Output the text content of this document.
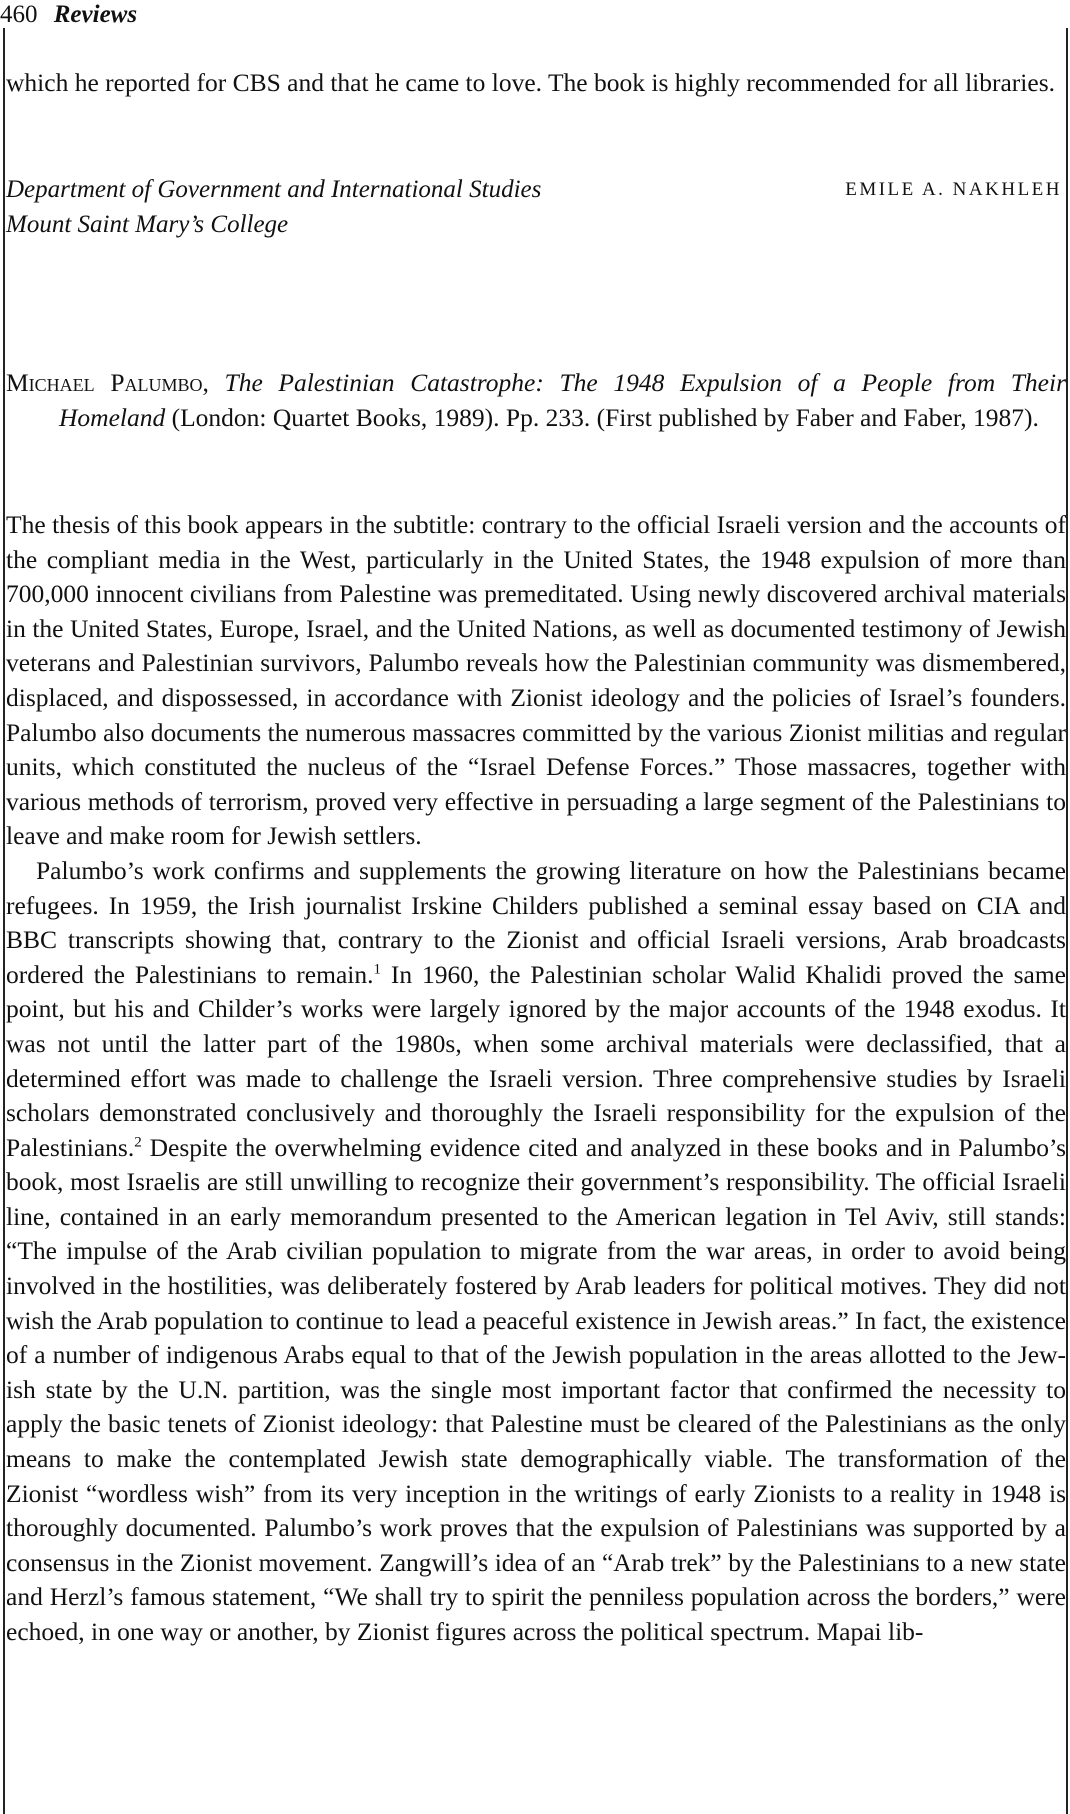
460 Reviews

which he reported for CBS and that he came to love. The book is highly recommended for all libraries.

Department of Government and International Studies
Mount Saint Mary’s College
EMILE A. NAKHLEH

Michael Palumbo, The Palestinian Catastrophe: The 1948 Expulsion of a People from Their Homeland (London: Quartet Books, 1989). Pp. 233. (First published by Faber and Faber, 1987).

The thesis of this book appears in the subtitle: contrary to the official Israeli version and the accounts of the compliant media in the West, particularly in the United States, the 1948 expulsion of more than 700,000 innocent civilians from Palestine was premeditated. Using newly discovered archival materials in the United States, Europe, Israel, and the United Nations, as well as documented testimony of Jewish veterans and Palestinian survivors, Palumbo reveals how the Palestinian community was dismembered, displaced, and dispossessed, in accordance with Zionist ideology and the policies of Israel’s founders. Palumbo also documents the numerous massacres committed by the various Zionist militias and regular units, which constituted the nucleus of the “Israel Defense Forces.” Those massacres, together with various methods of terrorism, proved very effective in persuading a large segment of the Palestinians to leave and make room for Jewish settlers.

Palumbo’s work confirms and supplements the growing literature on how the Palestinians became refugees. In 1959, the Irish journalist Irskine Childers published a seminal essay based on CIA and BBC transcripts showing that, contrary to the Zionist and official Israeli versions, Arab broadcasts ordered the Palestinians to remain.$^1$ In 1960, the Palestinian scholar Walid Khalidi proved the same point, but his and Childer’s works were largely ignored by the major accounts of the 1948 exodus. It was not until the latter part of the 1980s, when some archival materials were declassified, that a determined effort was made to challenge the Israeli version. Three comprehensive studies by Israeli scholars demonstrated conclusively and thoroughly the Israeli responsibility for the expulsion of the Palestinians.$^2$ Despite the overwhelming evidence cited and analyzed in these books and in Palumbo’s book, most Israelis are still unwilling to recognize their government’s responsibility. The official Israeli line, contained in an early memorandum presented to the American legation in Tel Aviv, still stands: “The impulse of the Arab civilian population to migrate from the war areas, in order to avoid being involved in the hostilities, was deliberately fostered by Arab leaders for political motives. They did not wish the Arab population to continue to lead a peaceful existence in Jewish areas.” In fact, the existence of a number of indigenous Arabs equal to that of the Jewish population in the areas allotted to the Jewish state by the U.N. partition, was the single most important factor that confirmed the necessity to apply the basic tenets of Zionist ideology: that Palestine must be cleared of the Palestinians as the only means to make the contemplated Jewish state demographically viable. The transformation of the Zionist “wordless wish” from its very inception in the writings of early Zionists to a reality in 1948 is thoroughly documented. Palumbo’s work proves that the expulsion of Palestinians was supported by a consensus in the Zionist movement. Zangwill’s idea of an “Arab trek” by the Palestinians to a new state and Herzl’s famous statement, “We shall try to spirit the penniless population across the borders,” were echoed, in one way or another, by Zionist figures across the political spectrum. Mapai lib-
